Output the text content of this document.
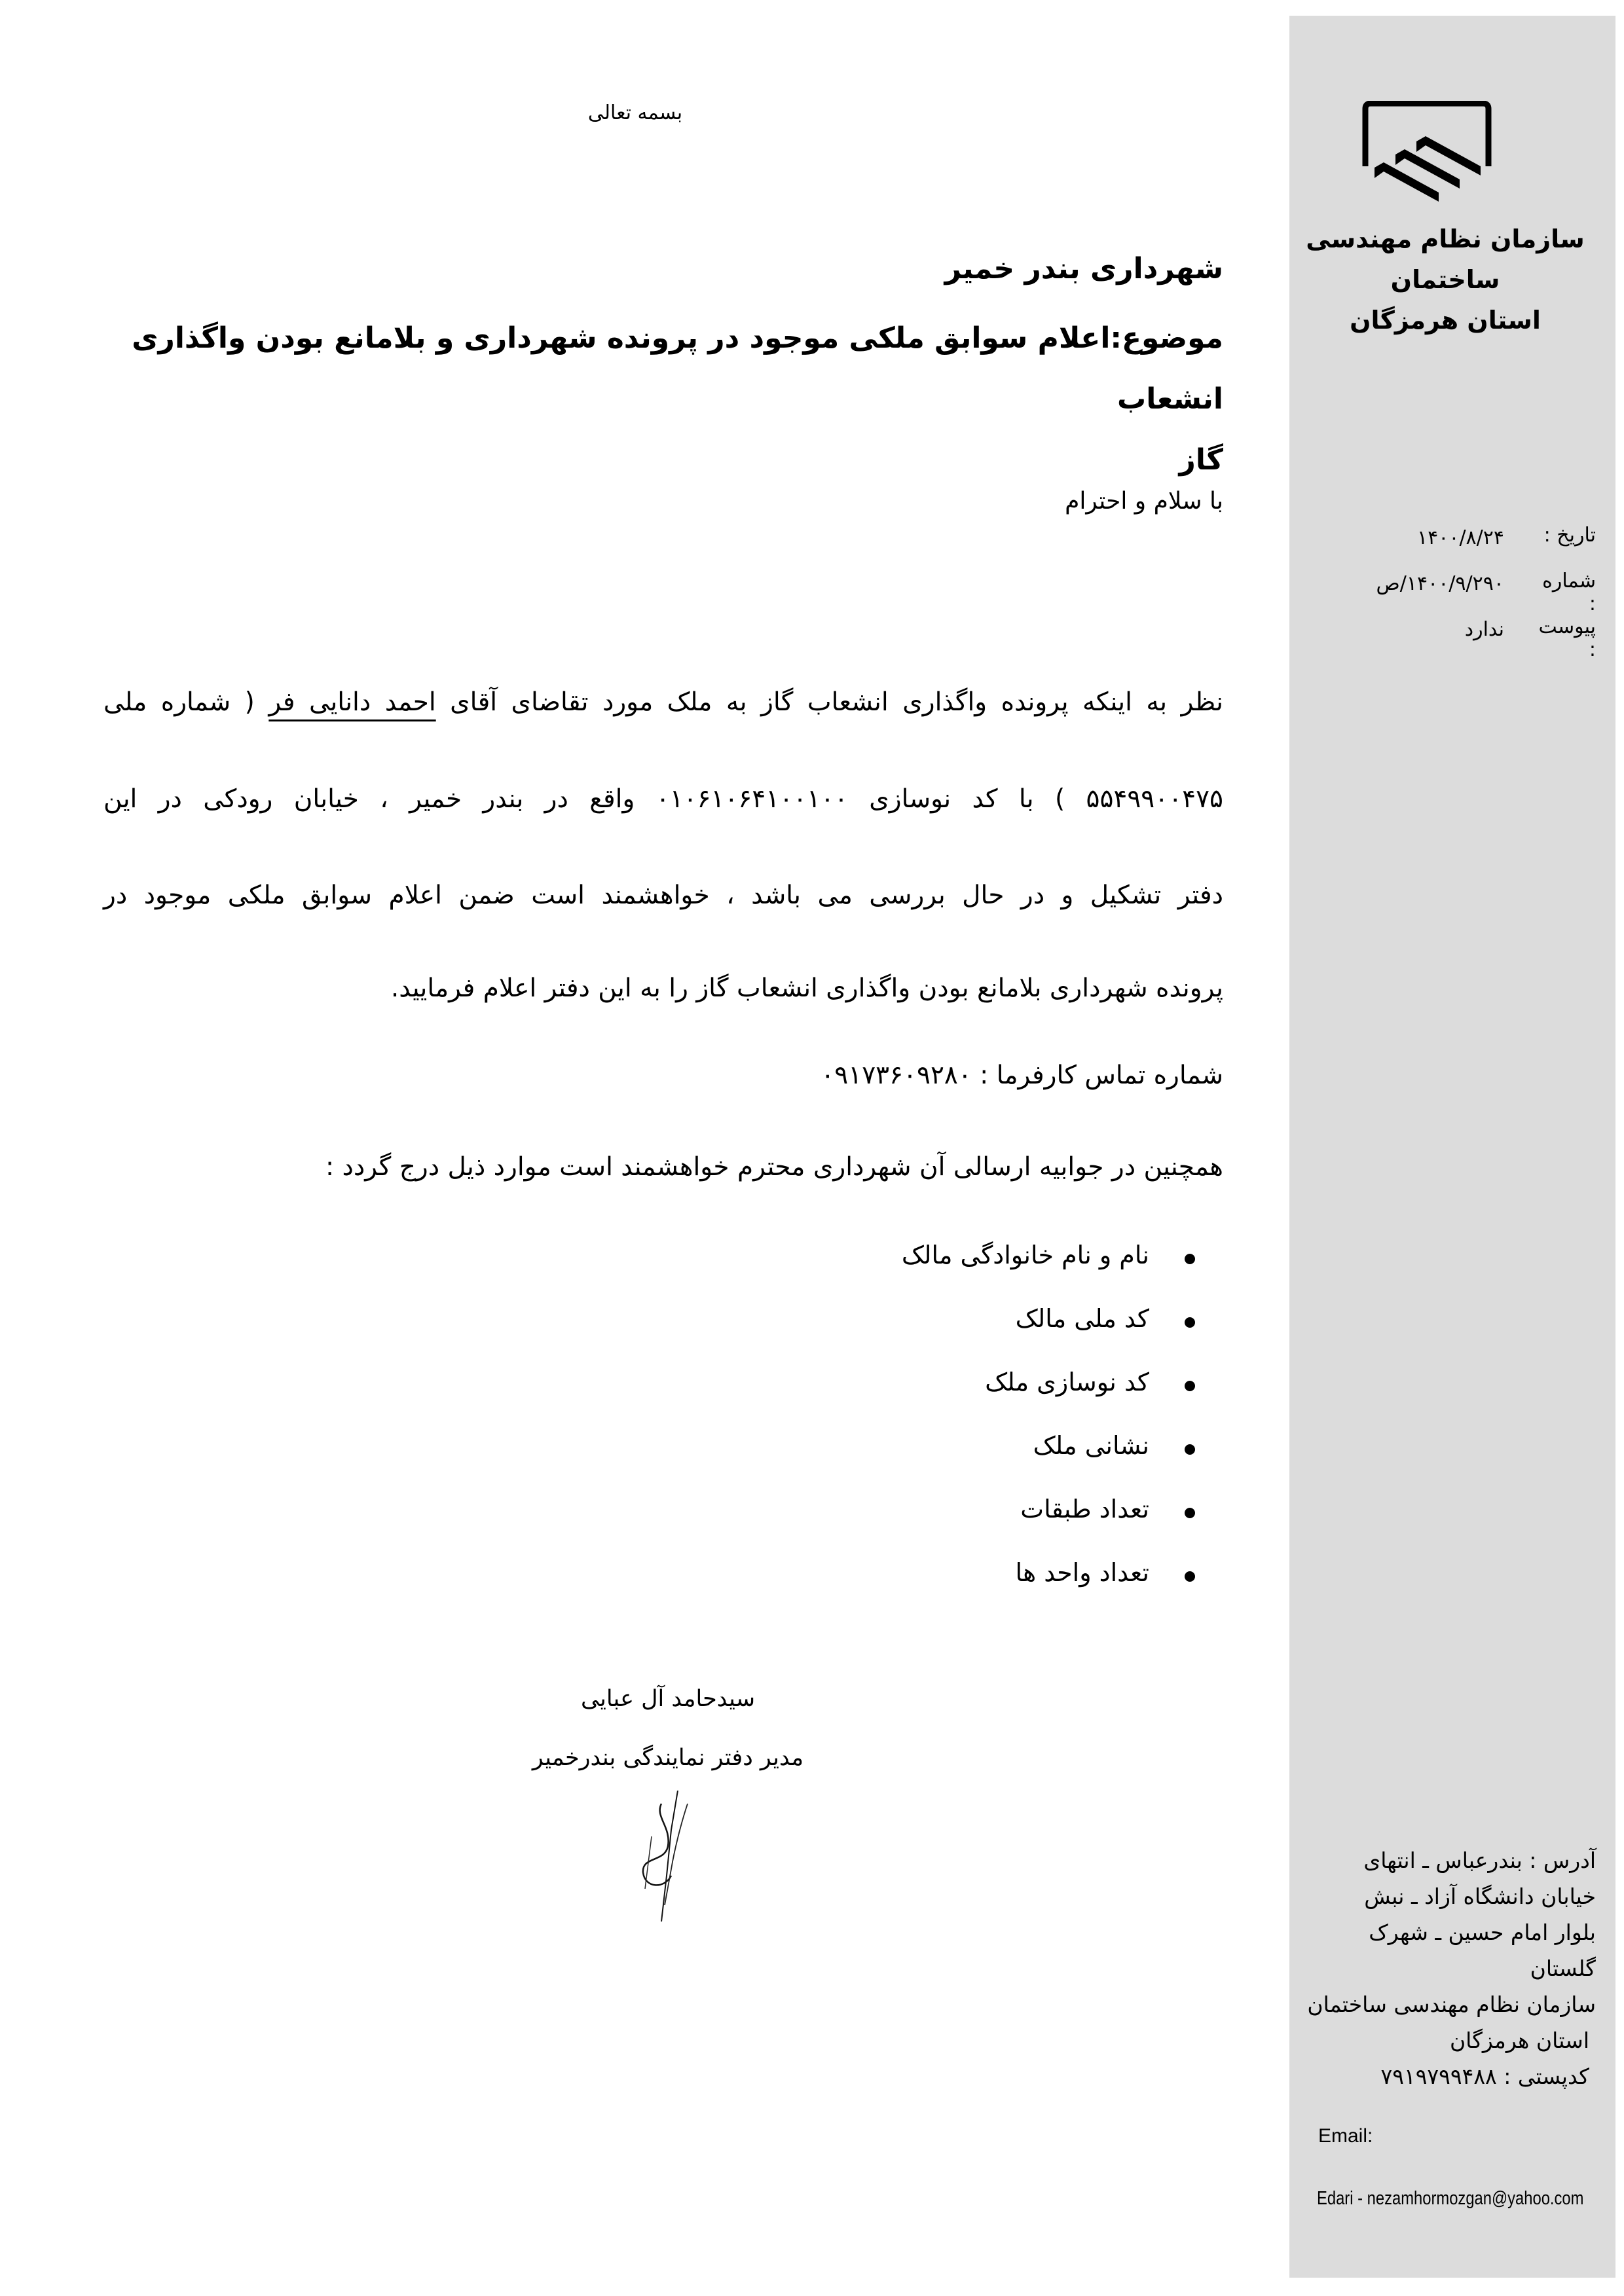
بسمه تعالی
شهرداری بندر خمیر
موضوع:اعلام سوابق ملکی موجود در پرونده شهرداری و بلامانع بودن واگذاری انشعاب
گاز
با سلام و احترام
نظر به اینکه پرونده واگذاری انشعاب گاز به ملک مورد تقاضای آقای احمد دانایی فر ( شماره ملی
۵۵۴۹۹۰۰۴۷۵ ) با کد نوسازی ۰۱۰۶۱۰۶۴۱۰۰۱۰۰ واقع در بندر خمیر ، خیابان رودکی در این
دفتر تشکیل و در حال بررسی می باشد ، خواهشمند است ضمن اعلام سوابق ملکی موجود در
پرونده شهرداری بلامانع بودن واگذاری انشعاب گاز را به این دفتر اعلام فرمایید.
شماره تماس کارفرما : ۰۹۱۷۳۶۰۹۲۸۰
همچنین در جوابیه ارسالی آن شهرداری محترم خواهشمند است موارد ذیل درج گردد :
نام و نام خانوادگی مالک
کد ملی مالک
کد نوسازی ملک
نشانی ملک
تعداد طبقات
تعداد واحد ها
سیدحامد آل عبایی
مدیر دفتر نمایندگی بندرخمیر
سازمان نظام مهندسی ساختمان
استان هرمزگان
تاریخ :
۱۴۰۰/۸/۲۴
شماره :
۱۴۰۰/۹/۲۹۰/ص
پیوست :
ندارد
آدرس : بندرعباس ـ انتهای
خیابان دانشگاه آزاد ـ نبش
بلوار امام حسین ـ شهرک
گلستان
سازمان نظام مهندسی ساختمان
استان هرمزگان
کدپستی : ۷۹۱۹۷۹۹۴۸۸
Email:
Edari - nezamhormozgan@yahoo.com
